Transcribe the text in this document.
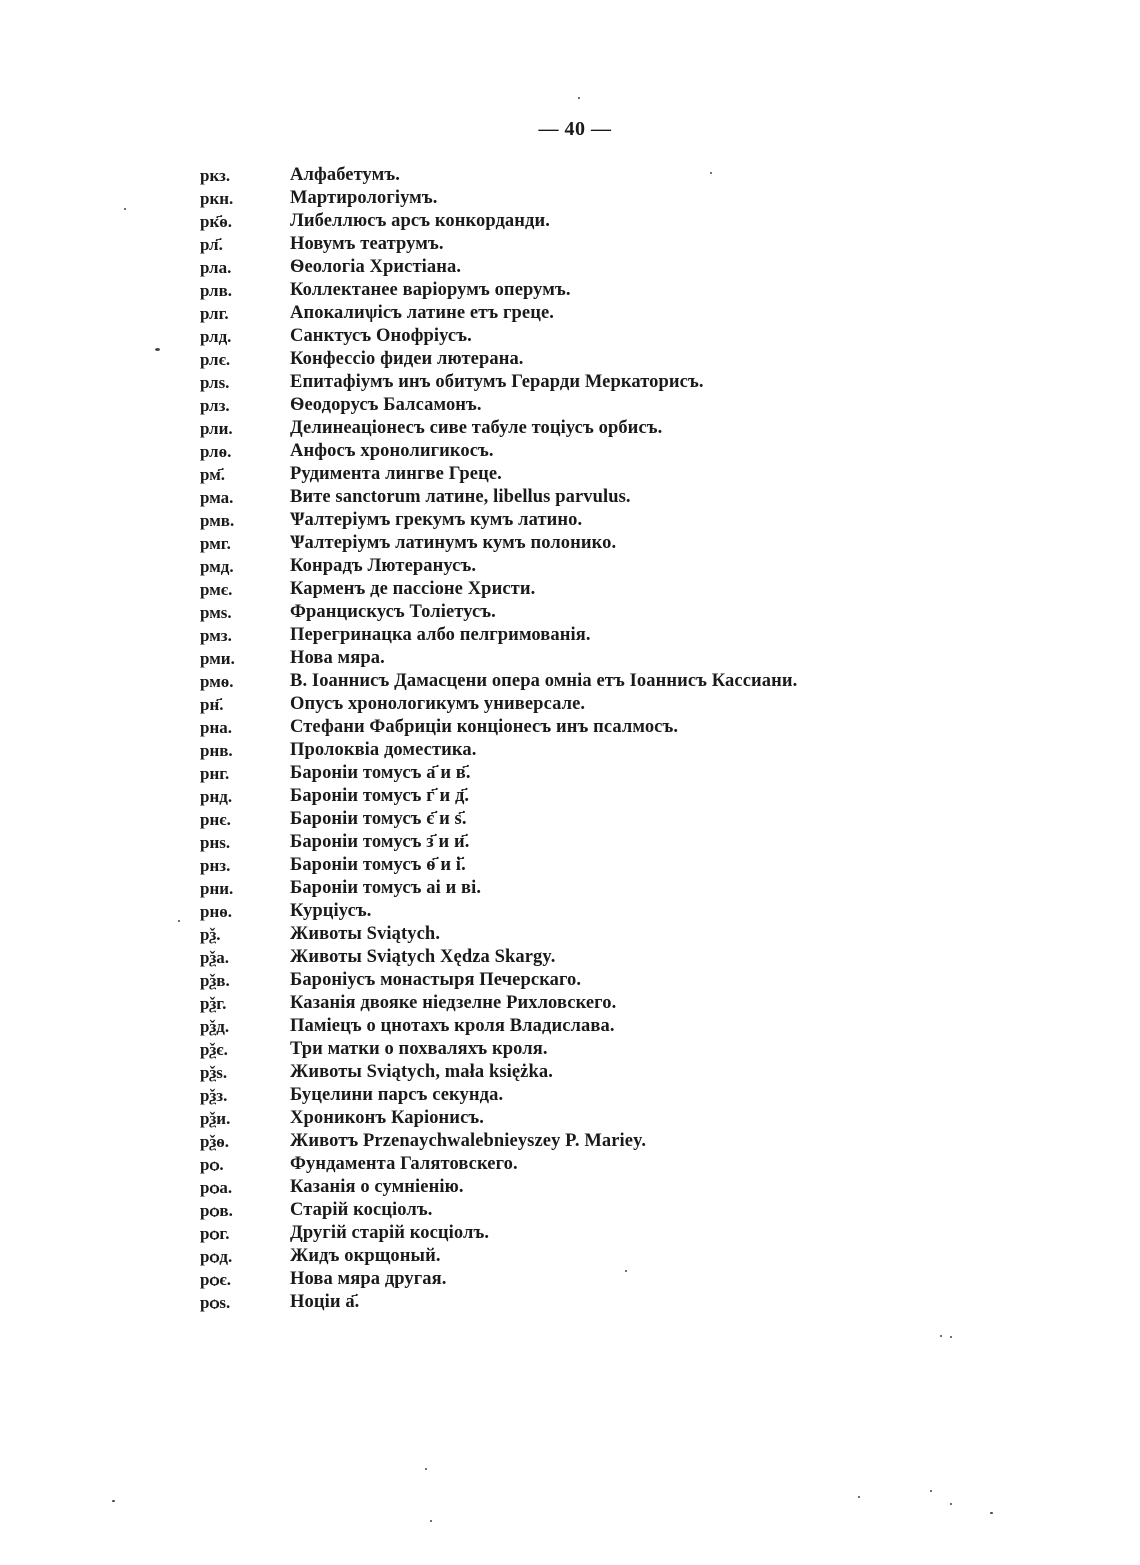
— 40 —
ркз.	Алфабетумъ.
ркн.	Мартирологiумъ.
рк҃ѳ.	Либеллюсъ арсъ конкорданди.
рл҃.	Новумъ театрумъ.
рла.	Ѳеологiа Христiана.
рлв.	Коллектанее варiорумъ оперумъ.
рлг.	Апокалиѱiсъ латине етъ греце.
рлд.	Санктусъ Онофрiусъ.
рлє.	Конфессiо фидеи лютерана.
рлѕ.	Епитафiумъ инъ обитумъ Герарди Меркаторисъ.
рлз.	Ѳеодорусъ Балсамонъ.
рли.	Делинеацiонесъ сиве табуле тоцiусъ орбисъ.
рлѳ.	Анфосъ хронолигикосъ.
рм҃.	Рудимента лингве Греце.
рма.	Вите sanctorum латине, libellus parvulus.
рмв.	Ѱалтерiумъ грекумъ кумъ латино.
рмг.	Ѱалтерiумъ латинумъ кумъ полонико.
рмд.	Конрадъ Лютеранусъ.
рмє.	Карменъ де пассiоне Христи.
рмѕ.	Францискусъ Толiетусъ.
рмз.	Перегринацка албо пелгримованiя.
рми.	Нова мяра.
рмѳ.	В. Iоаннисъ Дамасцени опера омнiа етъ Iоаннисъ Кассиани.
рн҃.	Опусъ хронологикумъ универсале.
рна.	Стефани Фабрицiи концiонесъ инъ псалмосъ.
рнв.	Пролоквiа доместика.
рнг.	Баронiи томусъ а҃ и в҃.
рнд.	Баронiи томусъ г҃ и д҃.
рнє.	Баронiи томусъ є҃ и ѕ҃.
рнѕ.	Баронiи томусъ з҃ и и҃.
рнз.	Баронiи томусъ ѳ҃ и i҃.
рни.	Баронiи томусъ ai и ві.
рнѳ.	Курцiусъ.
рѯ.	Животы Sviątych.
рѯа.	Животы Sviątych Xędza Skargy.
рѯв.	Баронiусъ монастыря Печерскаго.
рѯг.	Казанiя двояке нiедзелне Рихловскего.
рѯд.	Памiецъ о цнотахъ кроля Владислава.
рѯє.	Три матки о похваляхъ кроля.
рѯѕ.	Животы Sviątych, mała księżka.
рѯз.	Буцелини парсъ секунда.
рѯи.	Хрониконъ Карiонисъ.
рѯѳ.	Животъ Przenaychwalebnieyszey P. Mariey.
рѻ.	Фундамента Галятовскего.
рѻа.	Казанiя о сумнiенiю.
рѻв.	Старiй косцiолъ.
рѻг.	Другiй старiй косцiолъ.
рѻд.	Жидъ окрщоный.
рѻє.	Нова мяра другая.
рѻѕ.	Ноцiи а҃.
